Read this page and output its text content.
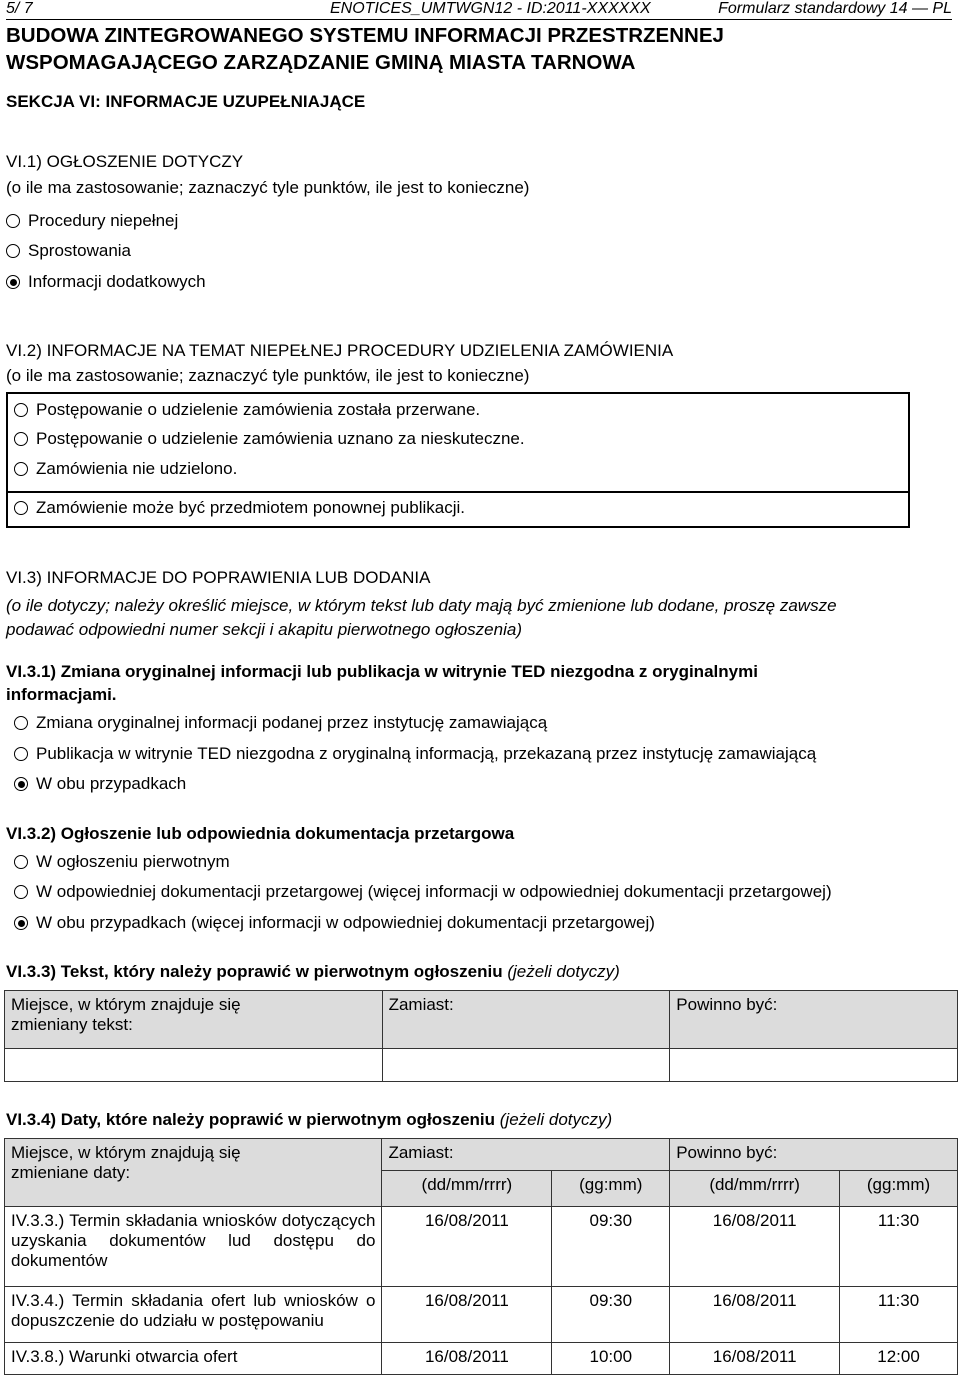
5/ 7	ENOTICES_UMTWGN12 - ID:2011-XXXXXX	Formularz standardowy 14 — PL
BUDOWA ZINTEGROWANEGO SYSTEMU INFORMACJI PRZESTRZENNEJ
WSPOMAGAJĄCEGO ZARZĄDZANIE GMINĄ MIASTA TARNOWA
SEKCJA VI: INFORMACJE UZUPEŁNIAJĄCE
VI.1) OGŁOSZENIE DOTYCZY
(o ile ma zastosowanie; zaznaczyć tyle punktów, ile jest to konieczne)
Procedury niepełnej
Sprostowania
Informacji dodatkowych
VI.2) INFORMACJE NA TEMAT NIEPEŁNEJ PROCEDURY UDZIELENIA ZAMÓWIENIA
(o ile ma zastosowanie; zaznaczyć tyle punktów, ile jest to konieczne)
Postępowanie o udzielenie zamówienia została przerwane.
Postępowanie o udzielenie zamówienia uznano za nieskuteczne.
Zamówienia nie udzielono.
Zamówienie może być przedmiotem ponownej publikacji.
VI.3) INFORMACJE DO POPRAWIENIA LUB DODANIA
(o ile dotyczy; należy określić miejsce, w którym tekst lub daty mają być zmienione lub dodane, proszę zawsze
podawać odpowiedni numer sekcji i akapitu pierwotnego ogłoszenia)
VI.3.1) Zmiana oryginalnej informacji lub publikacja w witrynie TED niezgodna z oryginalnymi
informacjami.
Zmiana oryginalnej informacji podanej przez instytucję zamawiającą
Publikacja w witrynie TED niezgodna z oryginalną informacją, przekazaną przez instytucję zamawiającą
W obu przypadkach
VI.3.2) Ogłoszenie lub odpowiednia dokumentacja przetargowa
W ogłoszeniu pierwotnym
W odpowiedniej dokumentacji przetargowej (więcej informacji w odpowiedniej dokumentacji przetargowej)
W obu przypadkach (więcej informacji w odpowiedniej dokumentacji przetargowej)
VI.3.3) Tekst, który należy poprawić w pierwotnym ogłoszeniu (jeżeli dotyczy)
Miejsce, w którym znajduje się
zmieniany tekst:	Zamiast:	Powinno być:

VI.3.4) Daty, które należy poprawić w pierwotnym ogłoszeniu (jeżeli dotyczy)
Miejsce, w którym znajdują się
zmieniane daty:	Zamiast:		Powinno być:	
	(dd/mm/rrrr)	(gg:mm)	(dd/mm/rrrr)	(gg:mm)
IV.3.3.) Termin składania wniosków dotyczących uzyskania dokumentów lud dostępu do dokumentów	16/08/2011	09:30	16/08/2011	11:30
IV.3.4.) Termin składania ofert lub wniosków o dopuszczenie do udziału w postępowaniu	16/08/2011	09:30	16/08/2011	11:30
IV.3.8.) Warunki otwarcia ofert	16/08/2011	10:00	16/08/2011	12:00
